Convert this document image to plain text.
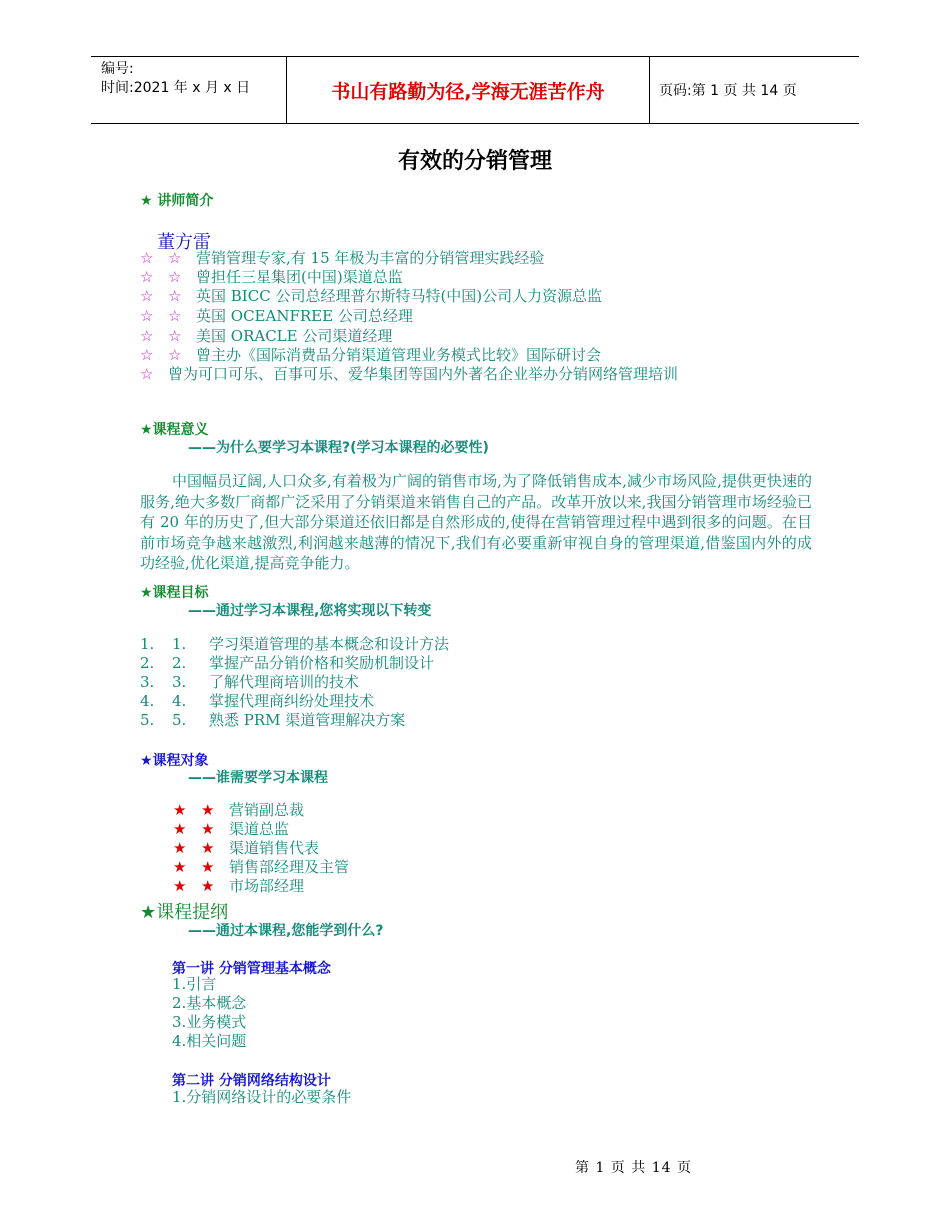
编号:
时间:2021 年 x 月 x 日	书山有路勤为径,学海无涯苦作舟	页码:第 1 页 共 14 页
有效的分销管理
★ 讲师简介
董方雷
☆ ☆ 营销管理专家,有 15 年极为丰富的分销管理实践经验
☆ ☆ 曾担任三星集团(中国)渠道总监
☆ ☆ 英国 BICC 公司总经理普尔斯特马特(中国)公司人力资源总监
☆ ☆ 英国 OCEANFREE 公司总经理
☆ ☆ 美国 ORACLE 公司渠道经理
☆ ☆ 曾主办《国际消费品分销渠道管理业务模式比较》国际研讨会
☆ 曾为可口可乐、百事可乐、爱华集团等国内外著名企业举办分销网络管理培训
★课程意义
——为什么要学习本课程?(学习本课程的必要性)

中国幅员辽阔,人口众多,有着极为广阔的销售市场,为了降低销售成本,减少市场风险,提供更快速的服务,绝大多数厂商都广泛采用了分销渠道来销售自己的产品。改革开放以来,我国分销管理市场经验已有 20 年的历史了,但大部分渠道还依旧都是自然形成的,使得在营销管理过程中遇到很多的问题。在目前市场竞争越来越激烈,利润越来越薄的情况下,我们有必要重新审视自身的管理渠道,借鉴国内外的成功经验,优化渠道,提高竞争能力。

★课程目标
——通过学习本课程,您将实现以下转变
1. 1. 学习渠道管理的基本概念和设计方法
2. 2. 掌握产品分销价格和奖励机制设计
3. 3. 了解代理商培训的技术
4. 4. 掌握代理商纠纷处理技术
5. 5. 熟悉 PRM 渠道管理解决方案
★课程对象
——谁需要学习本课程
★ ★ 营销副总裁
★ ★ 渠道总监
★ ★ 渠道销售代表
★ ★ 销售部经理及主管
★ ★ 市场部经理
★课程提纲
——通过本课程,您能学到什么?
第一讲 分销管理基本概念
1.引言
2.基本概念
3.业务模式
4.相关问题
第二讲 分销网络结构设计
1.分销网络设计的必要条件
第 1 页 共 14 页
